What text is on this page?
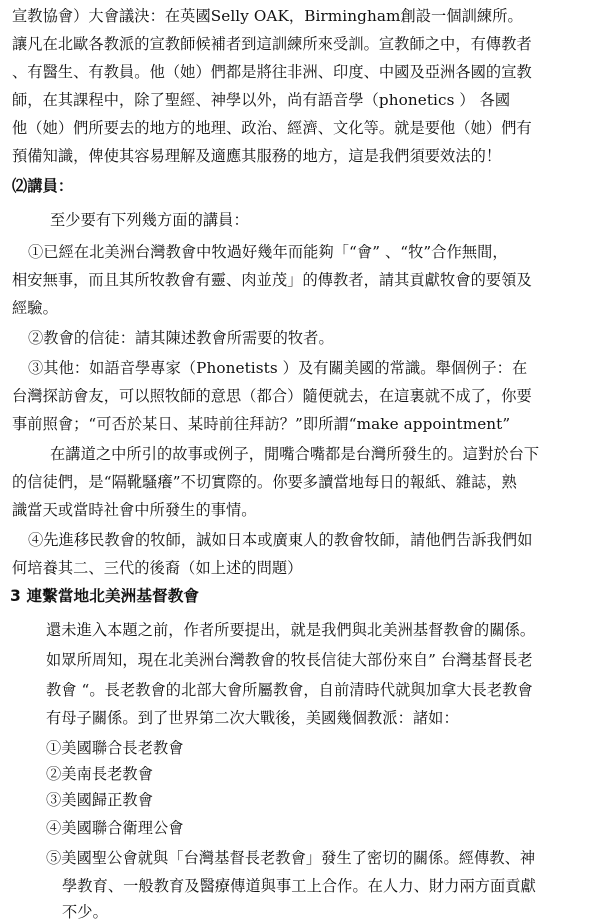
宣教協會）大會議決：在英國Selly OAK，Birmingham創設一個訓練所。
讓凡在北歐各教派的宣教師候補者到這訓練所來受訓。宣教師之中，有傳教者
、有醫生、有教員。他（她）們都是將往非洲、印度、中國及亞洲各國的宣教
師，在其課程中，除了聖經、神學以外，尚有語音學（phonetics ） 各國
他（她）們所要去的地方的地理、政治、經濟、文化等。就是要他（她）們有
預備知識，俾使其容易理解及適應其服務的地方，這是我們須要效法的！
⑵講員：
至少要有下列幾方面的講員：
①已經在北美洲台灣教會中牧過好幾年而能夠「“會” 、“牧”合作無間，
相安無事，而且其所牧教會有靈、肉並茂」的傳教者，請其貢獻牧會的要領及
經驗。
②教會的信徒：請其陳述教會所需要的牧者。
③其他：如語音學專家（Phonetists ）及有關美國的常識。舉個例子：在
台灣探訪會友，可以照牧師的意思（都合）隨便就去，在這裏就不成了，你要
事前照會；“可否於某日、某時前往拜訪？”即所謂“make appointment”
在講道之中所引的故事或例子，閒嘴合嘴都是台灣所發生的。這對於台下
的信徒們，是“隔靴騷癢”不切實際的。你要多讀當地每日的報紙、雜誌，熟
識當天或當時社會中所發生的事情。
④先進移民教會的牧師，誠如日本或廣東人的教會牧師，請他們告訴我們如
何培養其二、三代的後裔（如上述的問題）
3 連繫當地北美洲基督教會
還未進入本題之前，作者所要提出，就是我們與北美洲基督教會的關係。
如眾所周知，現在北美洲台灣教會的牧長信徒大部份來自” 台灣基督長老
教會 “。長老教會的北部大會所屬教會，自前清時代就與加拿大長老教會
有母子關係。到了世界第二次大戰後，美國幾個教派：諸如：
①美國聯合長老教會
②美南長老教會
③美國歸正教會
④美國聯合衛理公會
⑤美國聖公會就與「台灣基督長老教會」發生了密切的關係。經傳教、神
學教育、一般教育及醫療傳道與事工上合作。在人力、財力兩方面貢獻
不少。
